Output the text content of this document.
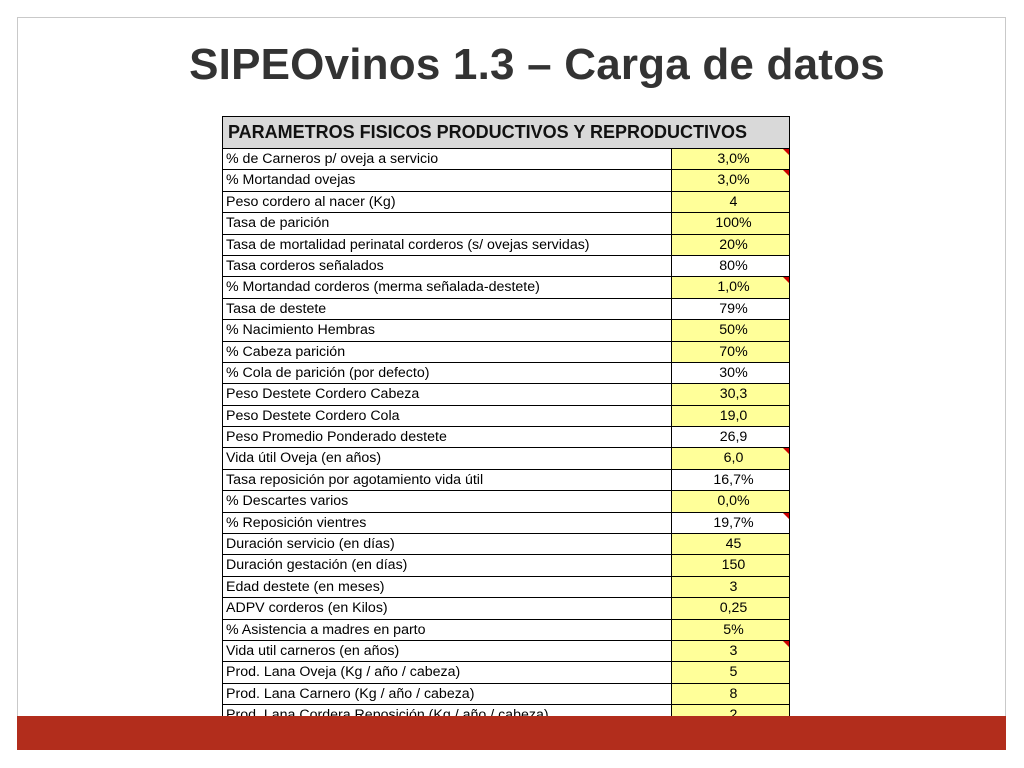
SIPEOvinos 1.3 – Carga de datos
PARAMETROS FISICOS PRODUCTIVOS Y REPRODUCTIVOS
% de Carneros p/ oveja a servicio	3,0%
% Mortandad ovejas	3,0%
Peso cordero al nacer (Kg)	4
Tasa de parición	100%
Tasa de mortalidad perinatal corderos (s/ ovejas servidas)	20%
Tasa corderos señalados	80%
% Mortandad corderos (merma señalada-destete)	1,0%
Tasa de destete	79%
% Nacimiento Hembras	50%
% Cabeza parición	70%
% Cola de parición (por defecto)	30%
Peso Destete Cordero Cabeza	30,3
Peso Destete Cordero Cola	19,0
Peso Promedio Ponderado destete	26,9
Vida útil Oveja (en años)	6,0
Tasa reposición por agotamiento vida útil	16,7%
% Descartes varios	0,0%
% Reposición vientres	19,7%
Duración servicio (en días)	45
Duración gestación (en días)	150
Edad destete (en meses)	3
ADPV corderos (en Kilos)	0,25
% Asistencia a madres en parto	5%
Vida util carneros (en años)	3
Prod. Lana Oveja (Kg / año / cabeza)	5
Prod. Lana Carnero (Kg / año / cabeza)	8
